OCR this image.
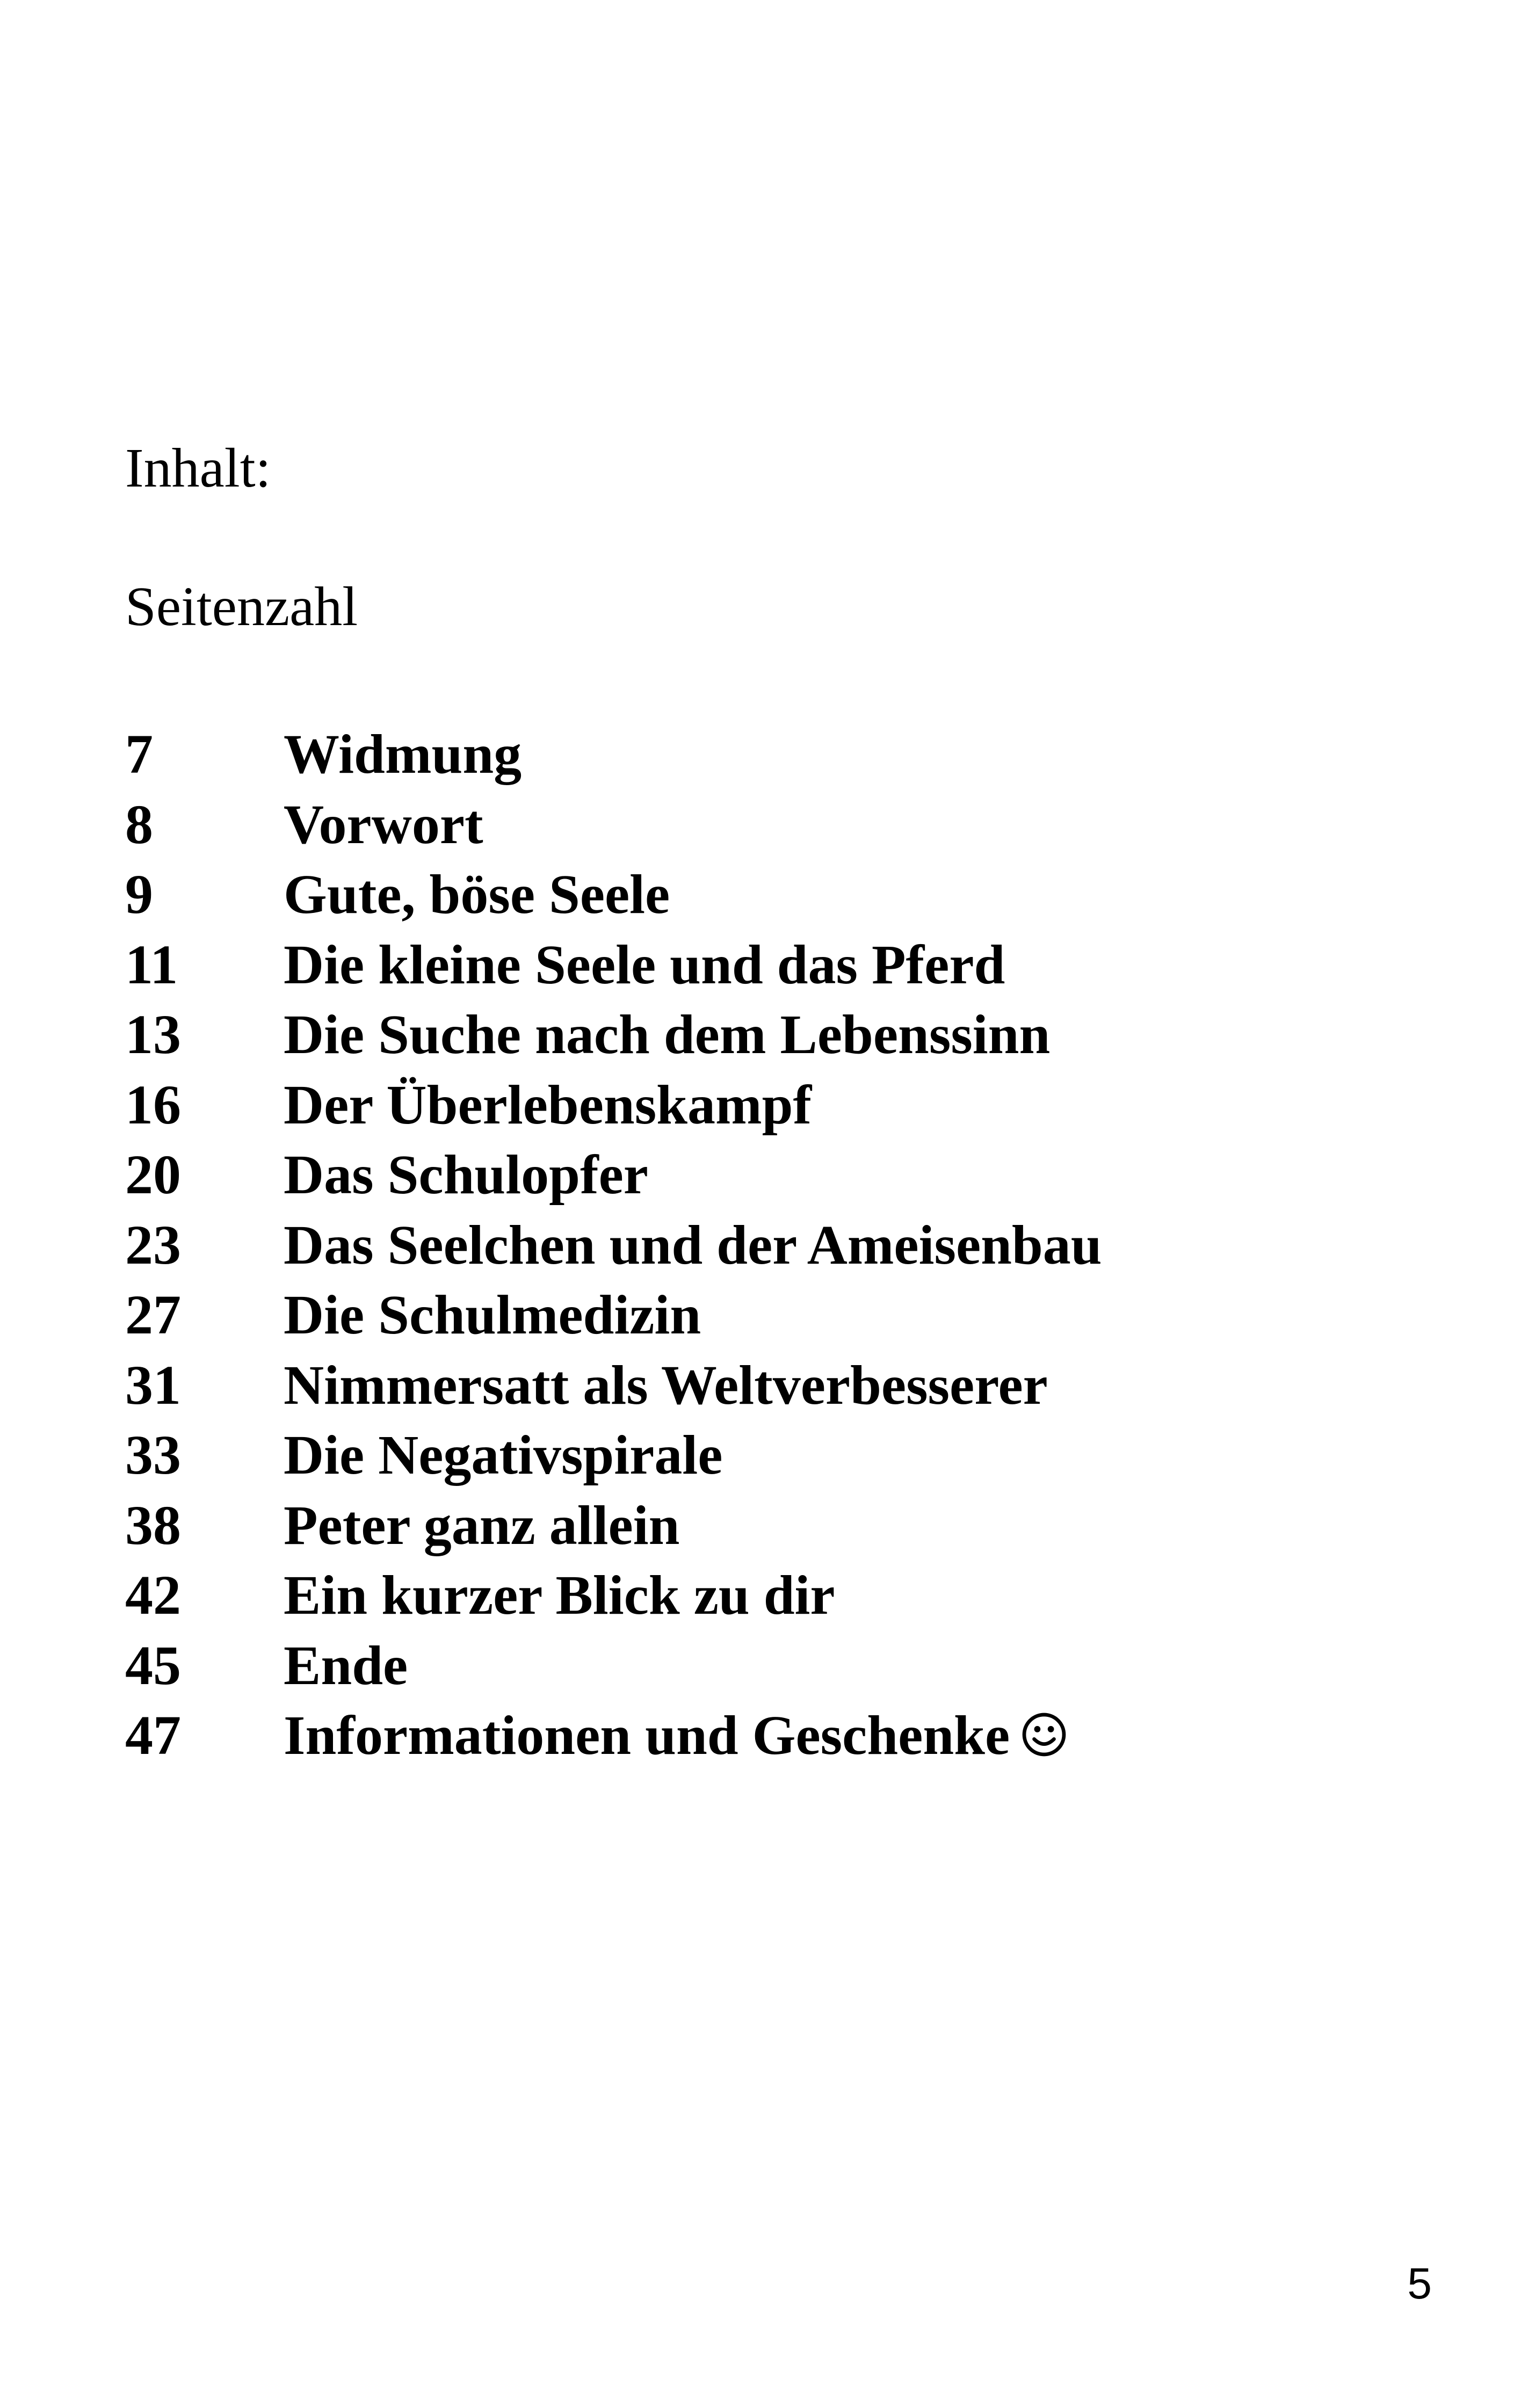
Inhalt:
Seitenzahl
7 Widmung
8 Vorwort
9 Gute, böse Seele
11 Die kleine Seele und das Pferd
13 Die Suche nach dem Lebenssinn
16 Der Überlebenskampf
20 Das Schulopfer
23 Das Seelchen und der Ameisenbau
27 Die Schulmedizin
31 Nimmersatt als Weltverbesserer
33 Die Negativspirale
38 Peter ganz allein
42 Ein kurzer Blick zu dir
45 Ende
47 Informationen und Geschenke
5
